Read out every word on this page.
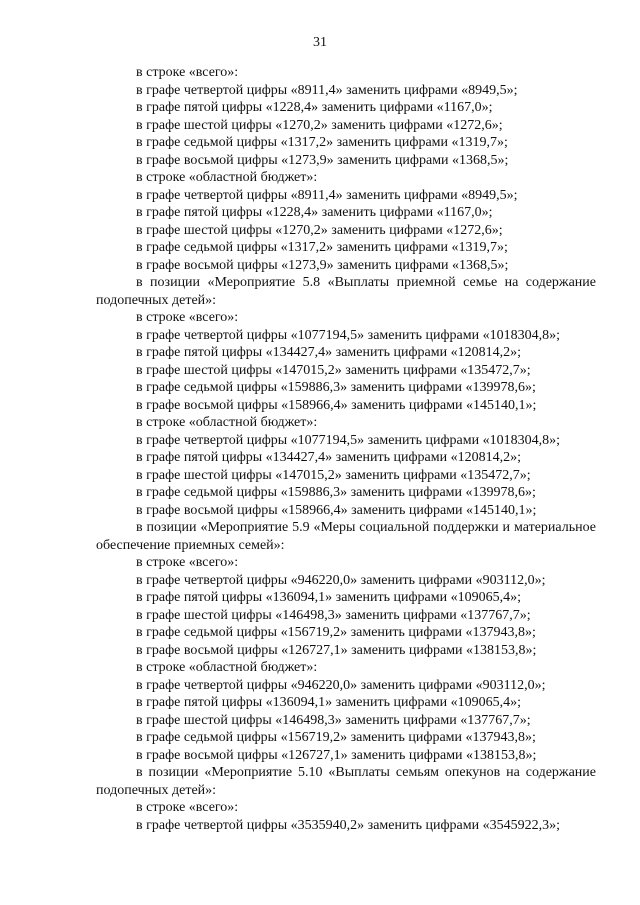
31
в строке «всего»:
в графе четвертой цифры «8911,4» заменить цифрами «8949,5»;
в графе пятой цифры «1228,4» заменить цифрами «1167,0»;
в графе шестой цифры «1270,2» заменить цифрами «1272,6»;
в графе седьмой цифры «1317,2» заменить цифрами «1319,7»;
в графе восьмой цифры «1273,9» заменить цифрами «1368,5»;
в строке «областной бюджет»:
в графе четвертой цифры «8911,4» заменить цифрами «8949,5»;
в графе пятой цифры «1228,4» заменить цифрами «1167,0»;
в графе шестой цифры «1270,2» заменить цифрами «1272,6»;
в графе седьмой цифры «1317,2» заменить цифрами «1319,7»;
в графе восьмой цифры «1273,9» заменить цифрами «1368,5»;
в позиции «Мероприятие 5.8 «Выплаты приемной семье на содержание подопечных детей»:
в строке «всего»:
в графе четвертой цифры «1077194,5» заменить цифрами «1018304,8»;
в графе пятой цифры «134427,4» заменить цифрами «120814,2»;
в графе шестой цифры «147015,2» заменить цифрами «135472,7»;
в графе седьмой цифры «159886,3» заменить цифрами «139978,6»;
в графе восьмой цифры «158966,4» заменить цифрами «145140,1»;
в строке «областной бюджет»:
в графе четвертой цифры «1077194,5» заменить цифрами «1018304,8»;
в графе пятой цифры «134427,4» заменить цифрами «120814,2»;
в графе шестой цифры «147015,2» заменить цифрами «135472,7»;
в графе седьмой цифры «159886,3» заменить цифрами «139978,6»;
в графе восьмой цифры «158966,4» заменить цифрами «145140,1»;
в позиции «Мероприятие 5.9 «Меры социальной поддержки и материальное обеспечение приемных семей»:
в строке «всего»:
в графе четвертой цифры «946220,0» заменить цифрами «903112,0»;
в графе пятой цифры «136094,1» заменить цифрами «109065,4»;
в графе шестой цифры «146498,3» заменить цифрами «137767,7»;
в графе седьмой цифры «156719,2» заменить цифрами «137943,8»;
в графе восьмой цифры «126727,1» заменить цифрами «138153,8»;
в строке «областной бюджет»:
в графе четвертой цифры «946220,0» заменить цифрами «903112,0»;
в графе пятой цифры «136094,1» заменить цифрами «109065,4»;
в графе шестой цифры «146498,3» заменить цифрами «137767,7»;
в графе седьмой цифры «156719,2» заменить цифрами «137943,8»;
в графе восьмой цифры «126727,1» заменить цифрами «138153,8»;
в позиции «Мероприятие 5.10 «Выплаты семьям опекунов на содержание подопечных детей»:
в строке «всего»:
в графе четвертой цифры «3535940,2» заменить цифрами «3545922,3»;
